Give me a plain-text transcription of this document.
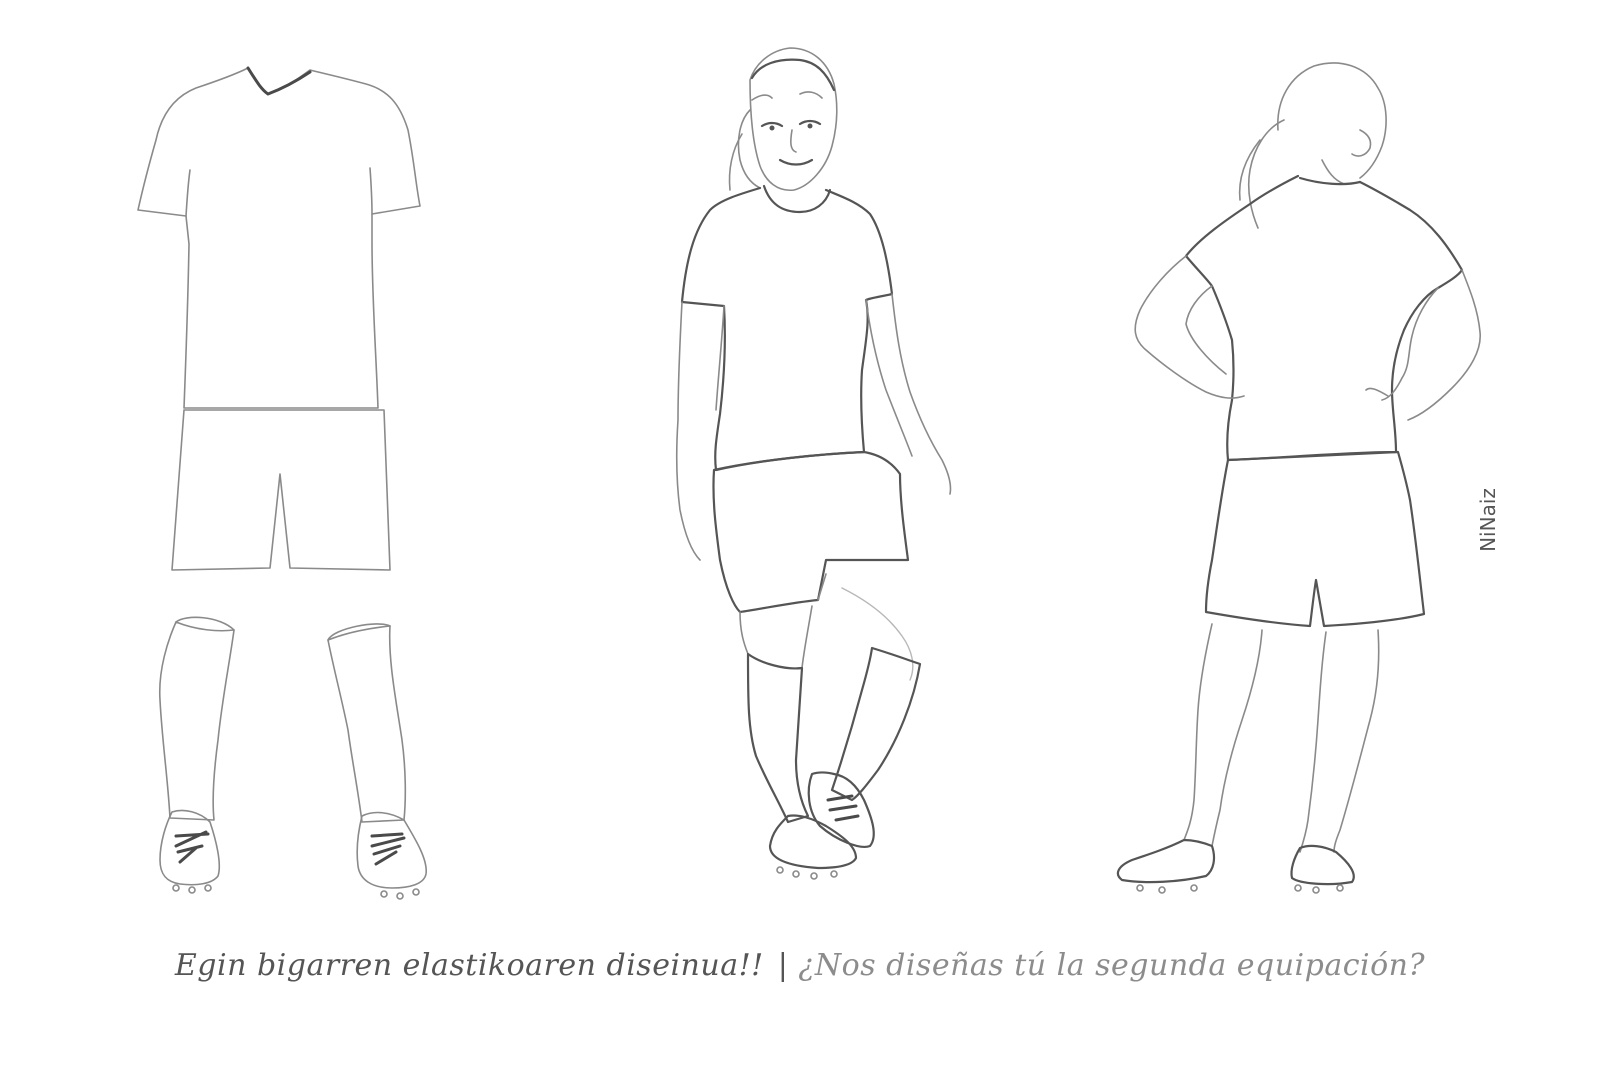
Egin bigarren elastikoaren diseinua!! | ¿Nos diseñas tú la segunda equipación?
NiNaiz
